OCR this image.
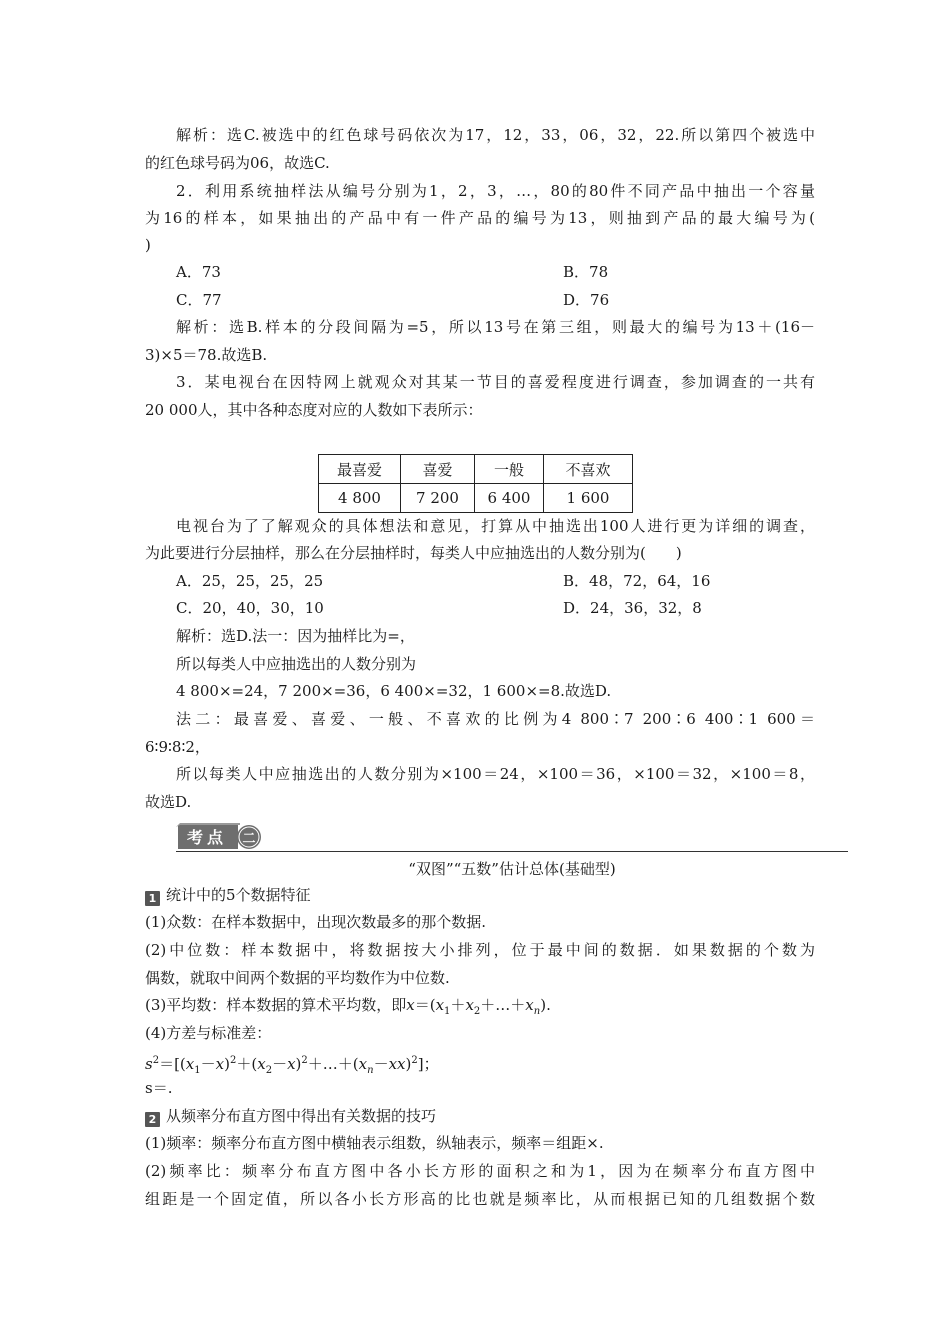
解析：选C.被选中的红色球号码依次为17，12，33，06，32，22.所以第四个被选中
的红色球号码为06，故选C.
2．利用系统抽样法从编号分别为1，2，3，…，80的80件不同产品中抽出一个容量
为16的样本，如果抽出的产品中有一件产品的编号为13，则抽到产品的最大编号为(
)
A．73	B．78
C．77	D．76
解析：选B.样本的分段间隔为=5，所以13号在第三组，则最大的编号为13＋(16－
3)×5＝78.故选B.
3．某电视台在因特网上就观众对其某一节目的喜爱程度进行调查，参加调查的一共有
20 000人，其中各种态度对应的人数如下表所示：
最喜爱	喜爱	一般	不喜欢
4 800	7 200	6 400	1 600
电视台为了了解观众的具体想法和意见，打算从中抽选出100人进行更为详细的调查，
为此要进行分层抽样，那么在分层抽样时，每类人中应抽选出的人数分别为(　　)
A．25，25，25，25	B．48，72，64，16
C．20，40，30，10	D．24，36，32，8
解析：选D.法一：因为抽样比为=，
所以每类人中应抽选出的人数分别为
4 800×=24，7 200×=36，6 400×=32，1 600×=8.故选D.
法二：最喜爱、喜爱、一般、不喜欢的比例为4 800∶7 200∶6 400∶1 600＝
6∶9∶8∶2，
所以每类人中应抽选出的人数分别为×100＝24，×100＝36，×100＝32，×100＝8，
故选D.
考点 二
“双图”“五数”估计总体(基础型)
1 统计中的5个数据特征
(1)众数：在样本数据中，出现次数最多的那个数据.
(2)中位数：样本数据中，将数据按大小排列，位于最中间的数据．如果数据的个数为
偶数，就取中间两个数据的平均数作为中位数.
(3)平均数：样本数据的算术平均数，即$x=(x_1+x_2+\dots+x_n)$.
(4)方差与标准差：
$s^2=[(x_1-x)^2+(x_2-x)^2+\dots+(x_n-xx)^2]$；
s＝.
2 从频率分布直方图中得出有关数据的技巧
(1)频率：频率分布直方图中横轴表示组数，纵轴表示，频率＝组距×.
(2)频率比：频率分布直方图中各小长方形的面积之和为1，因为在频率分布直方图中
组距是一个固定值，所以各小长方形高的比也就是频率比，从而根据已知的几组数据个数
